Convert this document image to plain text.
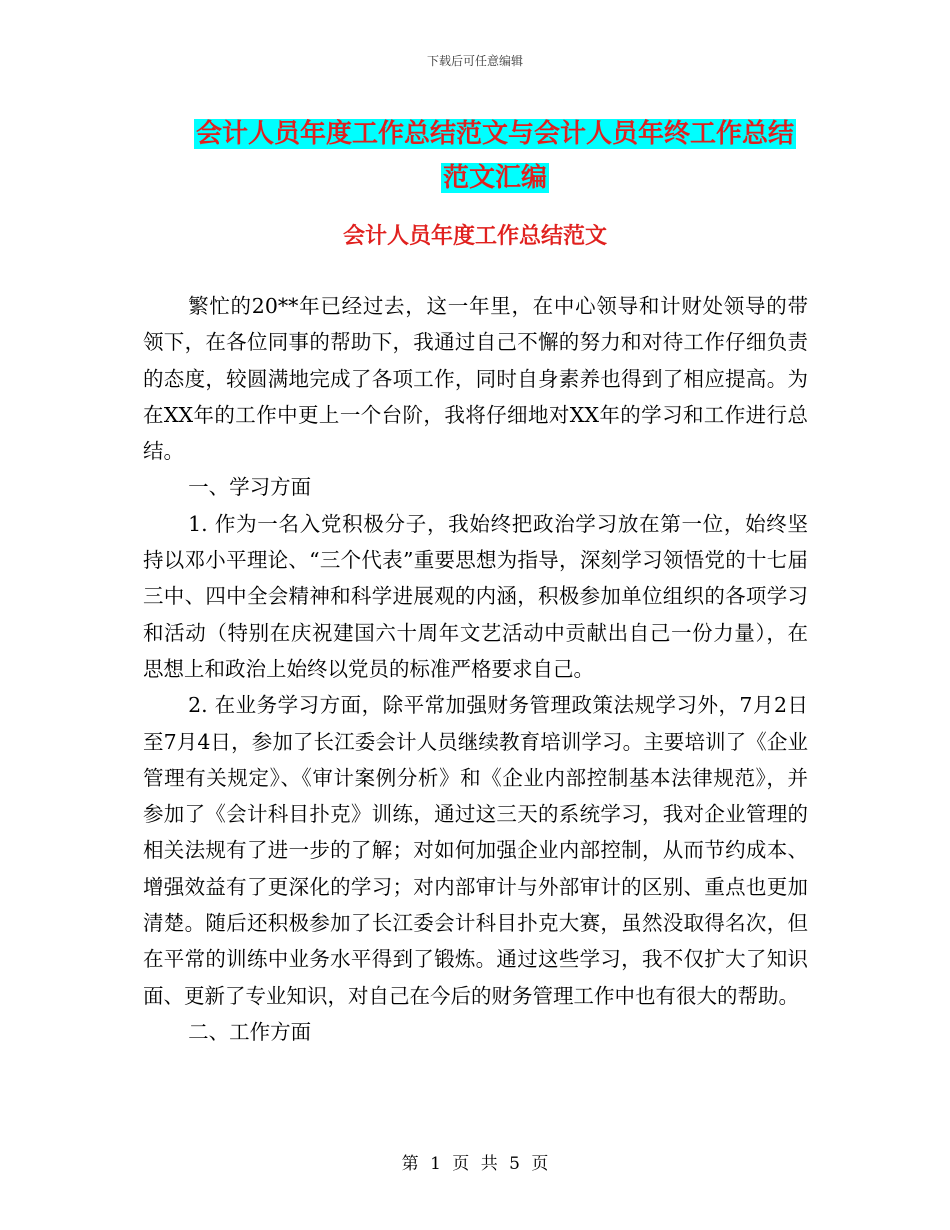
下载后可任意编辑
会计人员年度工作总结范文与会计人员年终工作总结
范文汇编
会计人员年度工作总结范文

繁忙的20**年已经过去，这一年里，在中心领导和计财处领导的带领下，在各位同事的帮助下，我通过自己不懈的努力和对待工作仔细负责的态度，较圆满地完成了各项工作，同时自身素养也得到了相应提高。为在XX年的工作中更上一个台阶，我将仔细地对XX年的学习和工作进行总结。

一、学习方面

1. 作为一名入党积极分子，我始终把政治学习放在第一位，始终坚持以邓小平理论、“三个代表”重要思想为指导，深刻学习领悟党的十七届三中、四中全会精神和科学进展观的内涵，积极参加单位组织的各项学习和活动（特别在庆祝建国六十周年文艺活动中贡献出自己一份力量），在思想上和政治上始终以党员的标准严格要求自己。

2. 在业务学习方面，除平常加强财务管理政策法规学习外，7月2日至7月4日，参加了长江委会计人员继续教育培训学习。主要培训了《企业管理有关规定》、《审计案例分析》和《企业内部控制基本法律规范》，并参加了《会计科目扑克》训练，通过这三天的系统学习，我对企业管理的相关法规有了进一步的了解；对如何加强企业内部控制，从而节约成本、增强效益有了更深化的学习；对内部审计与外部审计的区别、重点也更加清楚。随后还积极参加了长江委会计科目扑克大赛，虽然没取得名次，但在平常的训练中业务水平得到了锻炼。通过这些学习，我不仅扩大了知识面、更新了专业知识，对自己在今后的财务管理工作中也有很大的帮助。

二、工作方面

第 1 页 共 5 页
